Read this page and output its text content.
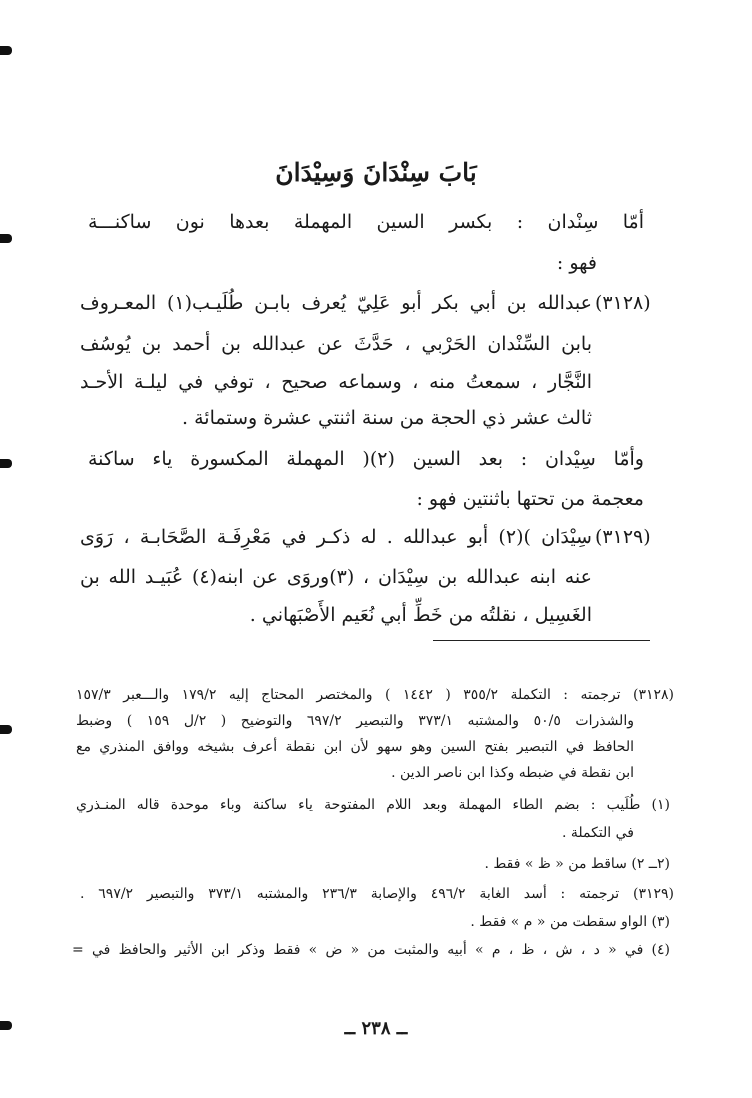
بَابَ سِنْدَانَ وَسِيْدَانَ
أمّا سِنْدان : بكسر السين المهملة بعدها نون ساكنـــة
فهو :
(٣١٢٨)
عبدالله بن أبي بكر أبو عَلِيّ يُعرف بابـن طُلَيـب(١) المعـروف
بابن السِّنْدان الحَرْبي ، حَدَّثَ عن عبدالله بن أحمد بن يُوسُف
النَّجَّار ، سمعتُ منه ، وسماعه صحيح ، توفي في ليلـة الأحـد
ثالث عشر ذي الحجة من سنة اثنتي عشرة وستمائة .
وأمّا سِيْدان : بعد السين (٢)( المهملة المكسورة ياء ساكنة
معجمة من تحتها باثنتين فهو :
(٣١٢٩)
سِيْدَان )(٢) أبو عبدالله . له ذكـر في مَعْرِفَـة الصَّحَابـة ، رَوَى
عنه ابنه عبدالله بن سِيْدَان ، (٣)وروَى عن ابنه(٤) عُبَيـد الله بن
الغَسِيل ، نقلتُه من خَطِّ أبي نُعَيم الأَصْبَهاني .
(٣١٢٨) ترجمته : التكملة ٣٥٥/٢ ( ١٤٤٢ ) والمختصر المحتاج إليه ١٧٩/٢ والـــعبر ١٥٧/٣
والشذرات ٥٠/٥ والمشتبه ٣٧٣/١ والتبصير ٦٩٧/٢ والتوضيح ( ٢/ل ١٥٩ ) وضبط
الحافظ في التبصير بفتح السين وهو سهو لأن ابن نقطة أعرف بشيخه ووافق المنذري مع
ابن نقطة في ضبطه وكذا ابن ناصر الدين .
(١) طُلَيب : بضم الطاء المهملة وبعد اللام المفتوحة ياء ساكنة وباء موحدة قاله المنـذري
في التكملة .
(٢ــ ٢) ساقط من « ظ » فقط .
(٣١٢٩) ترجمته : أسد الغابة ٤٩٦/٢ والإصابة ٢٣٦/٣ والمشتبه ٣٧٣/١ والتبصير ٦٩٧/٢ .
(٣) الواو سقطت من « م » فقط .
(٤) في « د ، ش ، ظ ، م » أبيه والمثبت من « ض » فقط وذكر ابن الأثير والحافظ في =
ــ ٢٣٨ ــ
